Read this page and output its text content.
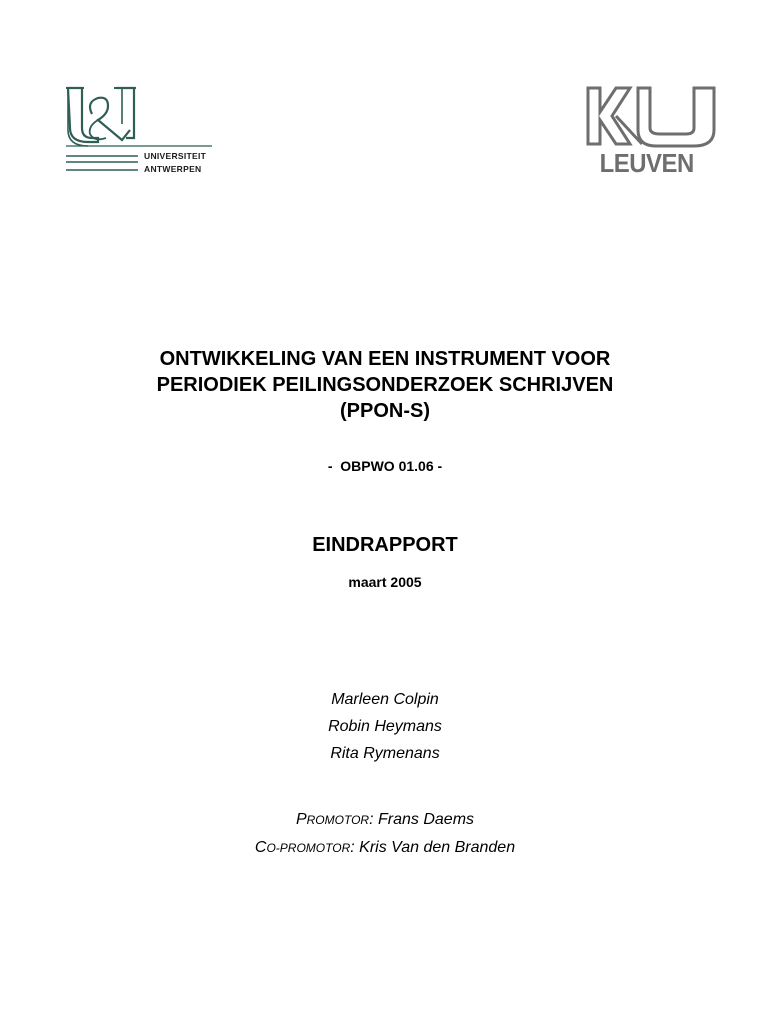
UNIVERSITEIT
ANTWERPEN	LEUVEN
ONTWIKKELING VAN EEN INSTRUMENT VOOR
PERIODIEK PEILINGSONDERZOEK SCHRIJVEN
(PPON-S)
-  OBPWO 01.06 -
EINDRAPPORT
maart 2005
Marleen Colpin
Robin Heymans
Rita Rymenans
PROMOTOR: Frans Daems
CO-PROMOTOR: Kris Van den Branden
